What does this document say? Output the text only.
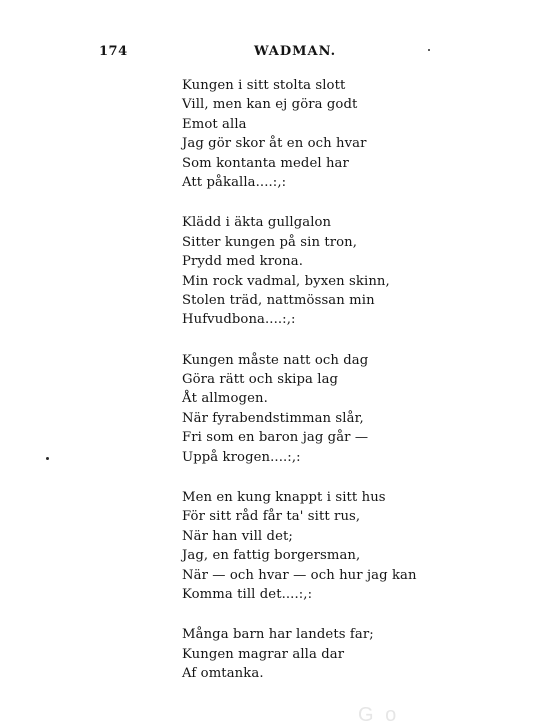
174	WADMAN.
Kungen i sitt stolta slott
Vill, men kan ej göra godt
Emot alla
Jag gör skor åt en och hvar
Som kontanta medel har
Att påkalla....:,:
Klädd i äkta gullgalon
Sitter kungen på sin tron,
Prydd med krona.
Min rock vadmal, byxen skinn,
Stolen träd, nattmössan min
Hufvudbona....:,:
Kungen måste natt och dag
Göra rätt och skipa lag
Åt allmogen.
När fyrabendstimman slår,
Fri som en baron jag går —
Uppå krogen....:,:
Men en kung knappt i sitt hus
För sitt råd får ta' sitt rus,
När han vill det;
Jag, en fattig borgersman,
När — och hvar — och hur jag kan
Komma till det....:,:
Många barn har landets far;
Kungen magrar alla dar
Af omtanka.
G o
